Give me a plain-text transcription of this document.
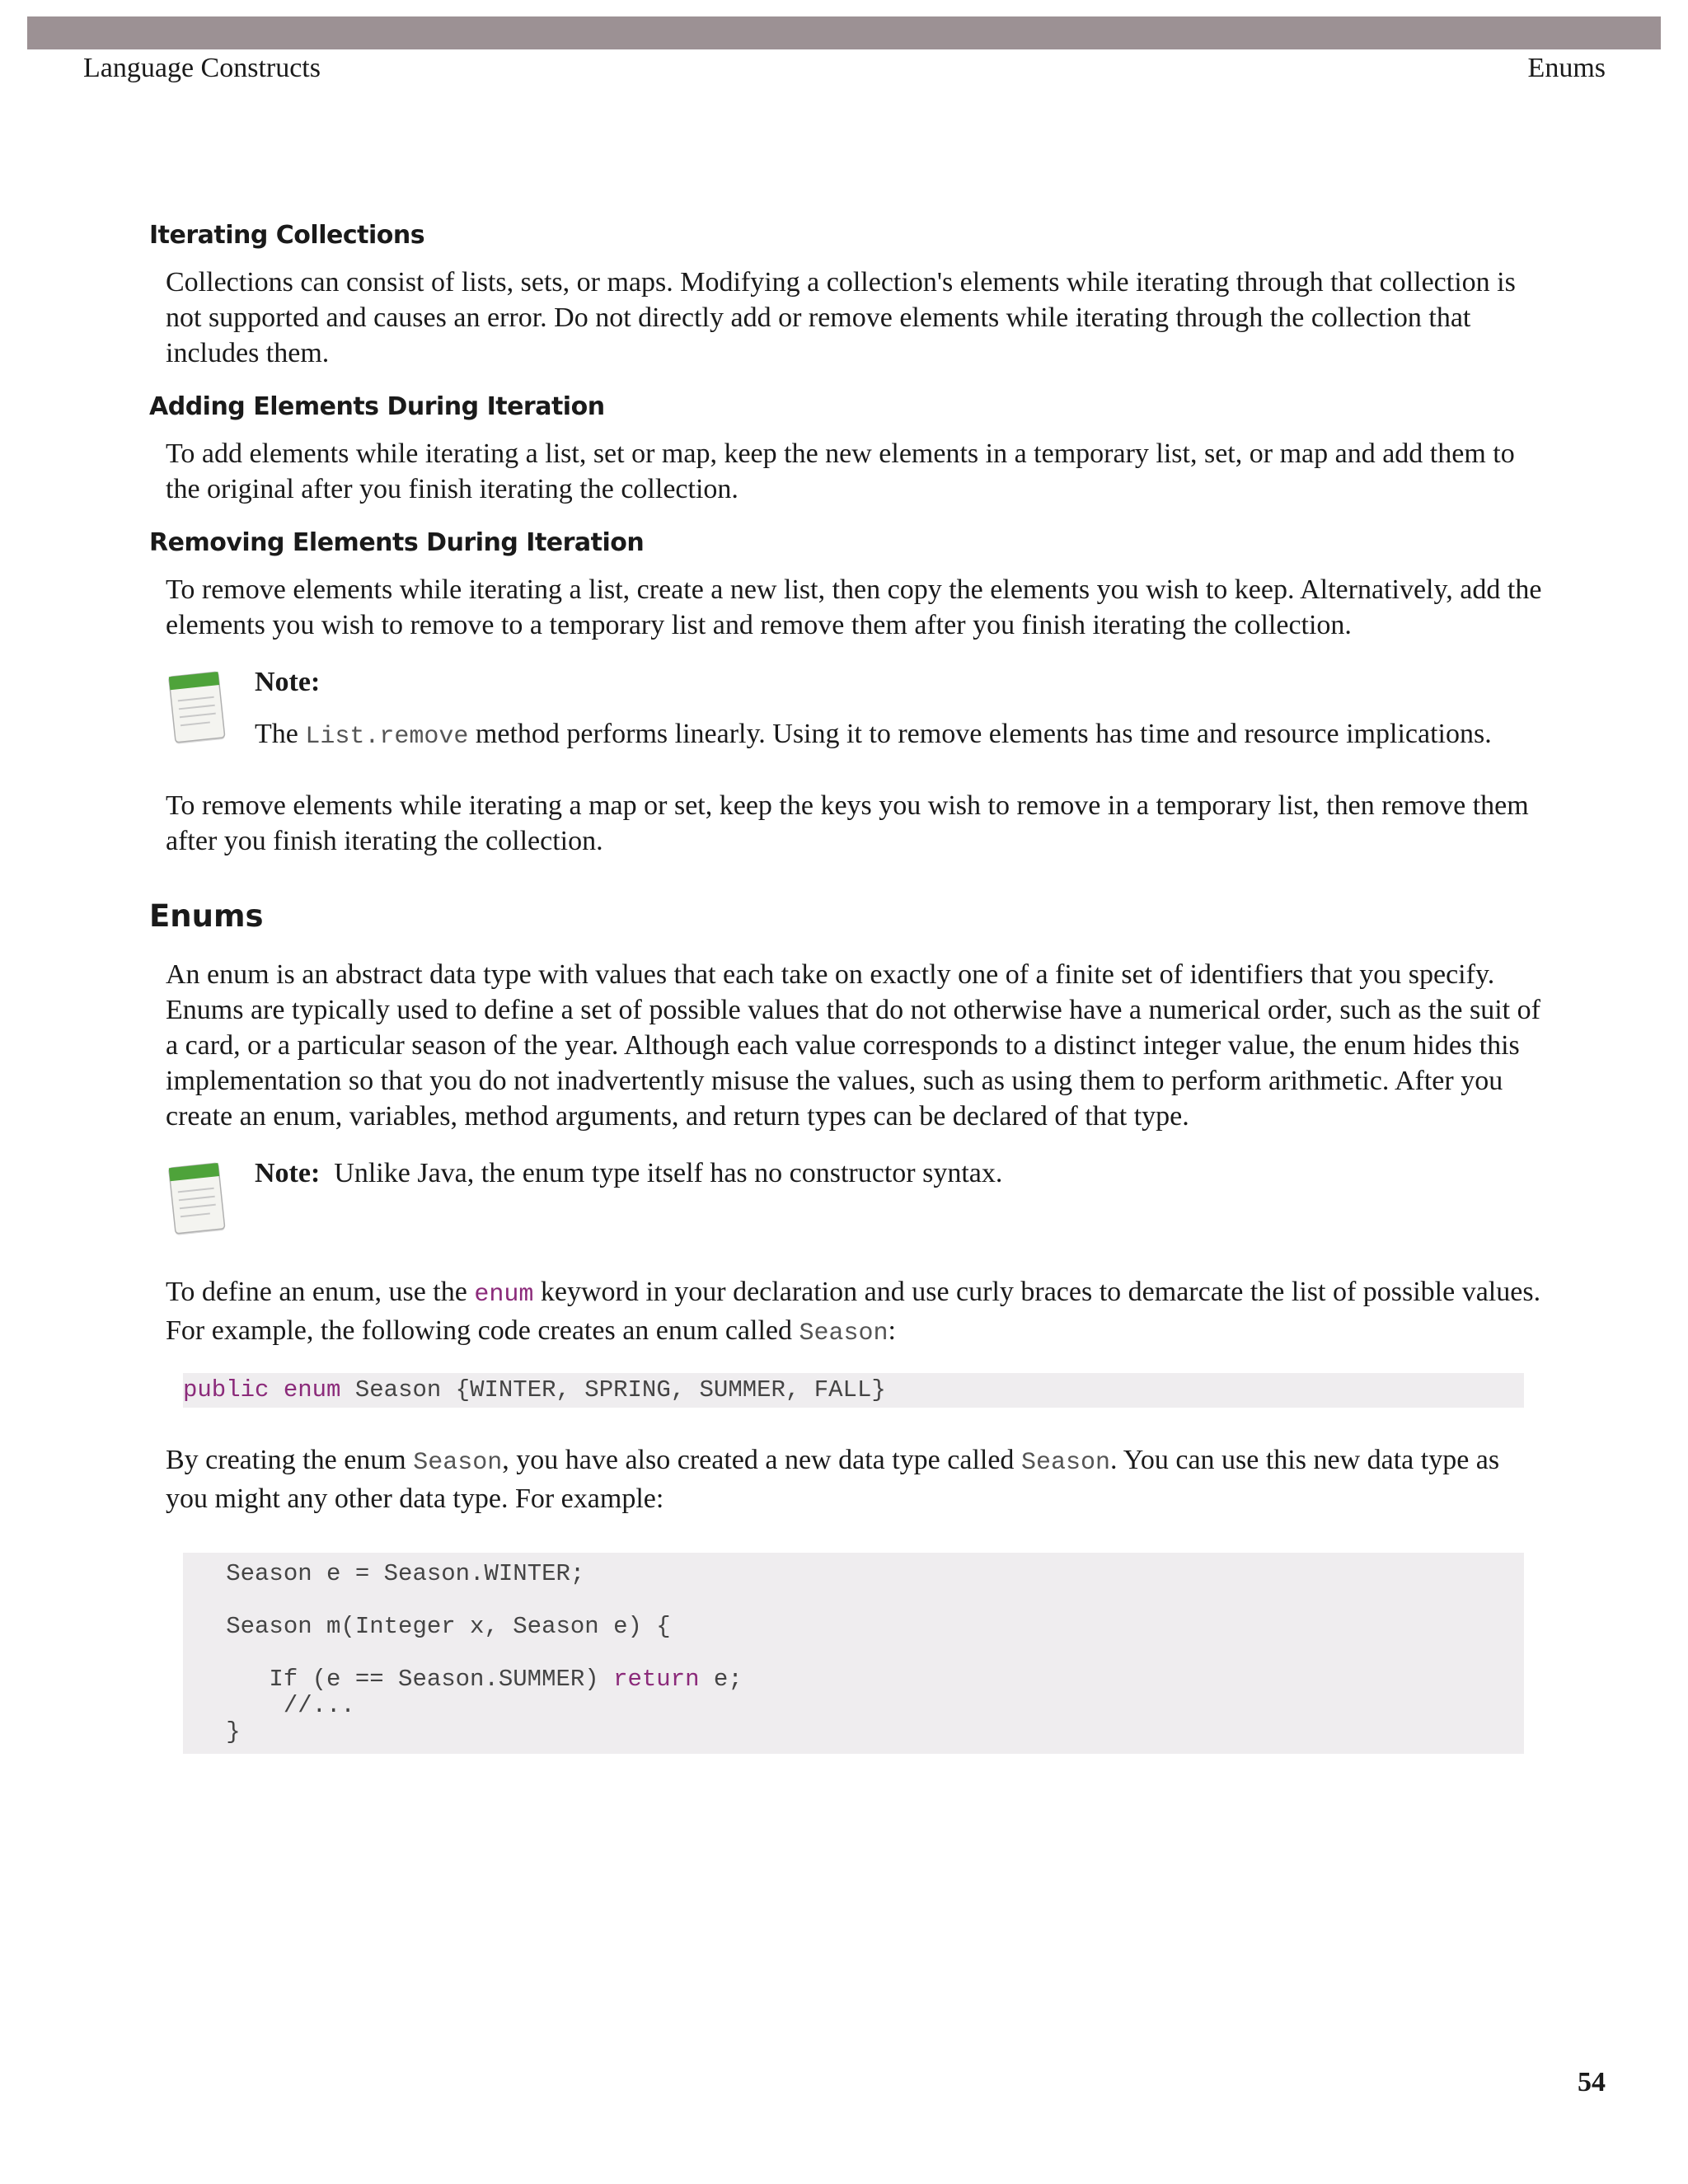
Language Constructs	Enums
Iterating Collections

Collections can consist of lists, sets, or maps. Modifying a collection's elements while iterating through that collection is not supported and causes an error. Do not directly add or remove elements while iterating through the collection that includes them.

Adding Elements During Iteration

To add elements while iterating a list, set or map, keep the new elements in a temporary list, set, or map and add them to the original after you finish iterating the collection.

Removing Elements During Iteration

To remove elements while iterating a list, create a new list, then copy the elements you wish to keep. Alternatively, add the elements you wish to remove to a temporary list and remove them after you finish iterating the collection.

Note:

The List.remove method performs linearly. Using it to remove elements has time and resource implications.

To remove elements while iterating a map or set, keep the keys you wish to remove in a temporary list, then remove them after you finish iterating the collection.

Enums

An enum is an abstract data type with values that each take on exactly one of a finite set of identifiers that you specify. Enums are typically used to define a set of possible values that do not otherwise have a numerical order, such as the suit of a card, or a particular season of the year. Although each value corresponds to a distinct integer value, the enum hides this implementation so that you do not inadvertently misuse the values, such as using them to perform arithmetic. After you create an enum, variables, method arguments, and return types can be declared of that type.

Note: Unlike Java, the enum type itself has no constructor syntax.

To define an enum, use the enum keyword in your declaration and use curly braces to demarcate the list of possible values. For example, the following code creates an enum called Season:

public enum Season {WINTER, SPRING, SUMMER, FALL}

By creating the enum Season, you have also created a new data type called Season. You can use this new data type as you might any other data type. For example:

Season e = Season.WINTER;

Season m(Integer x, Season e) {

If (e == Season.SUMMER) return e;
//...
}
54
